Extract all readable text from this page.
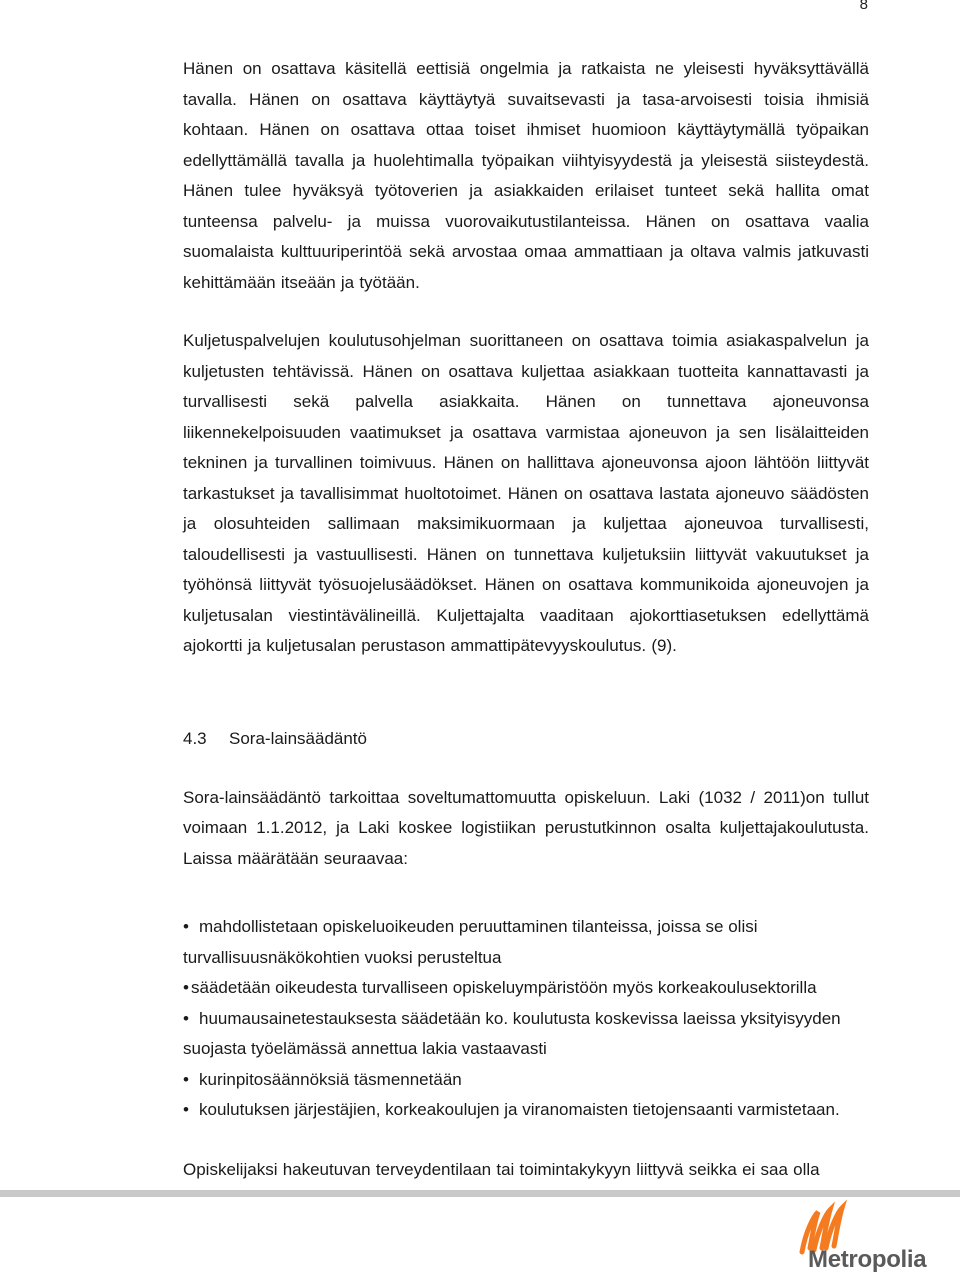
8

Hänen on osattava käsitellä eettisiä ongelmia ja ratkaista ne yleisesti hyväksyttävällä tavalla. Hänen on osattava käyttäytyä suvaitsevasti ja tasa-arvoisesti toisia ihmisiä kohtaan. Hänen on osattava ottaa toiset ihmiset huomioon käyttäytymällä työpaikan edellyttämällä tavalla ja huolehtimalla työpaikan viihtyisyydestä ja yleisestä siisteydestä. Hänen tulee hyväksyä työtoverien ja asiakkaiden erilaiset tunteet sekä hallita omat tunteensa palvelu- ja muissa vuorovaikutustilanteissa. Hänen on osattava vaalia suomalaista kulttuuriperintöä sekä arvostaa omaa ammattiaan ja oltava valmis jatkuvasti kehittämään itseään ja työtään.

Kuljetuspalvelujen koulutusohjelman suorittaneen on osattava toimia asiakaspalvelun ja kuljetusten tehtävissä. Hänen on osattava kuljettaa asiakkaan tuotteita kannattavasti ja turvallisesti sekä palvella asiakkaita. Hänen on tunnettava ajoneuvonsa liikennekelpoisuuden vaatimukset ja osattava varmistaa ajoneuvon ja sen lisälaitteiden tekninen ja turvallinen toimivuus. Hänen on hallittava ajoneuvonsa ajoon lähtöön liittyvät tarkastukset ja tavallisimmat huoltotoimet. Hänen on osattava lastata ajoneuvo säädösten ja olosuhteiden sallimaan maksimikuormaan ja kuljettaa ajoneuvoa turvallisesti, taloudellisesti ja vastuullisesti. Hänen on tunnettava kuljetuksiin liittyvät vakuutukset ja työhönsä liittyvät työsuojelusäädökset. Hänen on osattava kommunikoida ajoneuvojen ja kuljetusalan viestintävälineillä. Kuljettajalta vaaditaan ajokorttiasetuksen edellyttämä ajokortti ja kuljetusalan perustason ammattipätevyyskoulutus. (9).

4.3	Sora-lainsäädäntö

Sora-lainsäädäntö tarkoittaa soveltumattomuutta opiskeluun. Laki (1032 / 2011)on tullut voimaan 1.1.2012, ja Laki koskee logistiikan perustutkinnon osalta kuljettajakoulutusta. Laissa määrätään seuraavaa:

• mahdollistetaan opiskeluoikeuden peruuttaminen tilanteissa, joissa se olisi turvallisuusnäkökohtien vuoksi perusteltua
• säädetään oikeudesta turvalliseen opiskeluympäristöön myös korkeakoulusektorilla
• huumausainetestauksesta säädetään ko. koulutusta koskevissa laeissa yksityisyyden suojasta työelämässä annettua lakia vastaavasti
• kurinpitosäännöksiä täsmennetään
• koulutuksen järjestäjien, korkeakoulujen ja viranomaisten tietojensaanti varmistetaan.

Opiskelijaksi hakeutuvan terveydentilaan tai toimintakykyyn liittyvä seikka ei saa olla

Metropolia
